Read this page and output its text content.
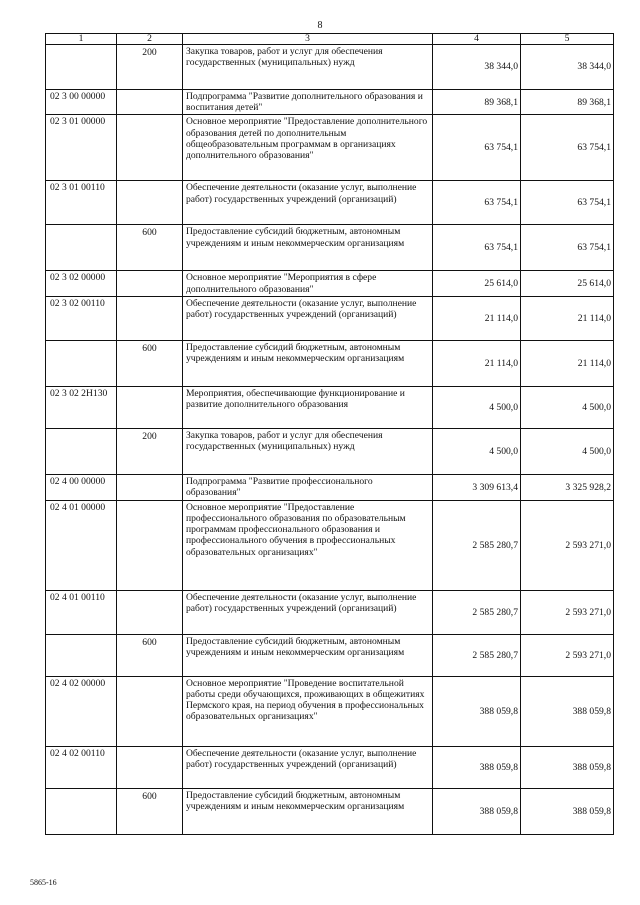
8
1	2	3	4	5
	200	Закупка товаров, работ и услуг для обеспечения государственных (муниципальных) нужд	38 344,0	38 344,0
02 3 00 00000		Подпрограмма "Развитие дополнительного образования и воспитания детей"	89 368,1	89 368,1
02 3 01 00000		Основное мероприятие "Предоставление дополнительного образования детей по дополнительным общеобразовательным программам в организациях дополнительного образования"	63 754,1	63 754,1
02 3 01 00110		Обеспечение деятельности (оказание услуг, выполнение работ) государственных учреждений (организаций)	63 754,1	63 754,1
	600	Предоставление субсидий бюджетным, автономным учреждениям и иным некоммерческим организациям	63 754,1	63 754,1
02 3 02 00000		Основное мероприятие "Мероприятия в сфере дополнительного образования"	25 614,0	25 614,0
02 3 02 00110		Обеспечение деятельности (оказание услуг, выполнение работ) государственных учреждений (организаций)	21 114,0	21 114,0
	600	Предоставление субсидий бюджетным, автономным учреждениям и иным некоммерческим организациям	21 114,0	21 114,0
02 3 02 2Н130		Мероприятия, обеспечивающие функционирование и развитие дополнительного образования	4 500,0	4 500,0
	200	Закупка товаров, работ и услуг для обеспечения государственных (муниципальных) нужд	4 500,0	4 500,0
02 4 00 00000		Подпрограмма "Развитие профессионального образования"	3 309 613,4	3 325 928,2
02 4 01 00000		Основное мероприятие "Предоставление профессионального образования по образовательным программам профессионального образования и профессионального обучения в профессиональных образовательных организациях"	2 585 280,7	2 593 271,0
02 4 01 00110		Обеспечение деятельности (оказание услуг, выполнение работ) государственных учреждений (организаций)	2 585 280,7	2 593 271,0
	600	Предоставление субсидий бюджетным, автономным учреждениям и иным некоммерческим организациям	2 585 280,7	2 593 271,0
02 4 02 00000		Основное мероприятие "Проведение воспитательной работы среди обучающихся, проживающих в общежитиях Пермского края, на период обучения в профессиональных образовательных организациях"	388 059,8	388 059,8
02 4 02 00110		Обеспечение деятельности (оказание услуг, выполнение работ) государственных учреждений (организаций)	388 059,8	388 059,8
	600	Предоставление субсидий бюджетным, автономным учреждениям и иным некоммерческим организациям	388 059,8	388 059,8
5865-16
